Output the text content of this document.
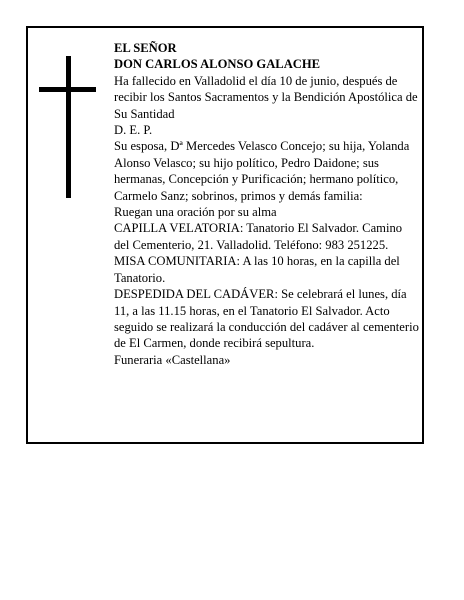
EL SEÑOR

DON CARLOS ALONSO GALACHE

Ha fallecido en Valladolid el día 10 de junio, después de recibir los Santos Sacramentos y la Bendición Apostólica de Su Santidad

D. E. P.

Su esposa, Dª Mercedes Velasco Concejo; su hija, Yolanda Alonso Velasco; su hijo político, Pedro Daidone; sus hermanas, Concepción y Purificación; hermano político, Carmelo Sanz; sobrinos, primos y demás familia:

Ruegan una oración por su alma

CAPILLA VELATORIA: Tanatorio El Salvador. Camino del Cementerio, 21. Valladolid. Teléfono: 983 251225. MISA COMUNITARIA: A las 10 horas, en la capilla del Tanatorio.

DESPEDIDA DEL CADÁVER: Se celebrará el lunes, día 11, a las 11.15 horas, en el Tanatorio El Salvador. Acto seguido se realizará la conducción del cadáver al cementerio de El Carmen, donde recibirá sepultura.

Funeraria «Castellana»
